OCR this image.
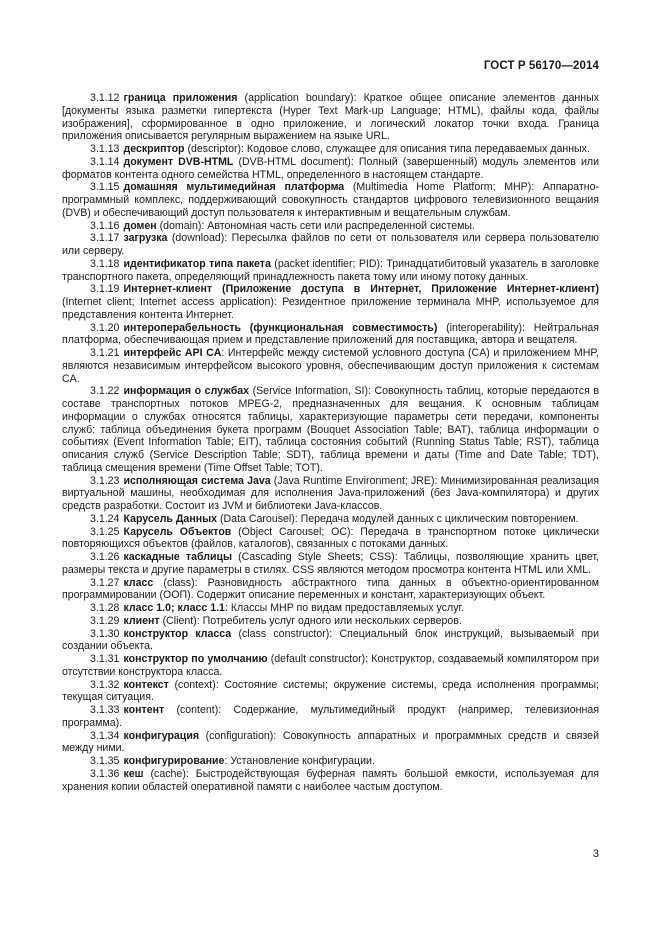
ГОСТ Р 56170—2014

3.1.12 граница приложения (application boundary): Краткое общее описание элементов данных [документы языка разметки гипертекста (Hyper Text Mark-up Language; HTML), файлы кода, файлы изображения], сформированное в одно приложение, и логический локатор точки входа. Граница приложения описывается регулярным выражением на языке URL.

3.1.13 дескриптор (descriptor): Кодовое слово, служащее для описания типа передаваемых данных.

3.1.14 документ DVB-HTML (DVB-HTML document): Полный (завершенный) модуль элементов или форматов контента одного семейства HTML, определенного в настоящем стандарте.

3.1.15 домашняя мультимедийная платформа (Multimedia Home Platform; MHP): Аппаратно-программный комплекс, поддерживающий совокупность стандартов цифрового телевизионного вещания (DVB) и обеспечивающий доступ пользователя к интерактивным и вещательным службам.

3.1.16 домен (domain): Автономная часть сети или распределенной системы.

3.1.17 загрузка (download): Пересылка файлов по сети от пользователя или сервера пользователю или серверу.

3.1.18 идентификатор типа пакета (packet identifier; PID): Тринадцатибитовый указатель в заголовке транспортного пакета, определяющий принадлежность пакета тому или иному потоку данных.

3.1.19 Интернет-клиент (Приложение доступа в Интернет, Приложение Интернет-клиент) (Internet client; Internet access application): Резидентное приложение терминала MHP, используемое для представления контента Интернет.

3.1.20 интероперабельность (функциональная совместимость) (interoperability): Нейтральная платформа, обеспечивающая прием и представление приложений для поставщика, автора и вещателя.

3.1.21 интерфейс API CA: Интерфейс между системой условного доступа (CA) и приложением MHP, являются независимым интерфейсом высокого уровня, обеспечивающим доступ приложения к системам CA.

3.1.22 информация о службах (Service Information, SI): Совокупность таблиц, которые передаются в составе транспортных потоков MPEG-2, предназначенных для вещания. К основным таблицам информации о службах относятся таблицы, характеризующие параметры сети передачи, компоненты служб: таблица объединения букета программ (Bouquet Association Table; BAT), таблица информации о событиях (Event Information Table; EIT), таблица состояния событий (Running Status Table; RST), таблица описания служб (Service Description Table; SDT), таблица времени и даты (Time and Date Table; TDT), таблица смещения времени (Time Offset Table; TOT).

3.1.23 исполняющая система Java (Java Runtime Environment; JRE): Минимизированная реализация виртуальной машины, необходимая для исполнения Java-приложений (без Java-компилятора) и других средств разработки. Состоит из JVM и библиотеки Java-классов.

3.1.24 Карусель Данных (Data Carousel): Передача модулей данных с циклическим повторением.

3.1.25 Карусель Объектов (Object Carousel; OC): Передача в транспортном потоке циклически повторяющихся объектов (файлов, каталогов), связанных с потоками данных.

3.1.26 каскадные таблицы (Cascading Style Sheets; CSS): Таблицы, позволяющие хранить цвет, размеры текста и другие параметры в стилях. CSS являются методом просмотра контента HTML или XML.

3.1.27 класс (class): Разновидность абстрактного типа данных в объектно-ориентированном программировании (ООП). Содержит описание переменных и констант, характеризующих объект.

3.1.28 класс 1.0; класс 1.1: Классы MHP по видам предоставляемых услуг.

3.1.29 клиент (Client): Потребитель услуг одного или нескольких серверов.

3.1.30 конструктор класса (class constructor): Специальный блок инструкций, вызываемый при создании объекта.

3.1.31 конструктор по умолчанию (default constructor): Конструктор, создаваемый компилятором при отсутствии конструктора класса.

3.1.32 контекст (context): Состояние системы; окружение системы, среда исполнения программы; текущая ситуация.

3.1.33 контент (content): Содержание, мультимедийный продукт (например, телевизионная программа).

3.1.34 конфигурация (configuration): Совокупность аппаратных и программных средств и связей между ними.

3.1.35 конфигурирование: Установление конфигурации.

3.1.36 кеш (cache): Быстродействующая буферная память большой емкости, используемая для хранения копии областей оперативной памяти с наиболее частым доступом.

3
